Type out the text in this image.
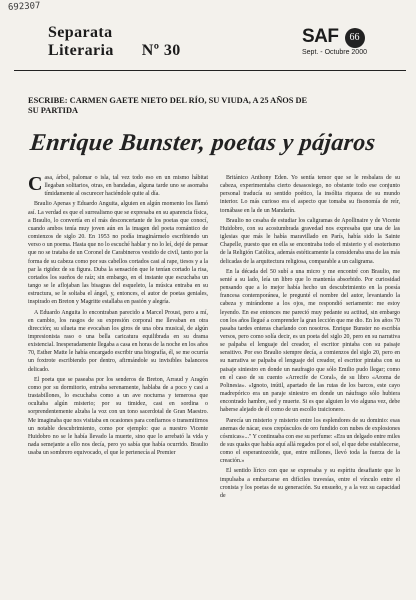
692307
Separata
Literaria Nº 30
SAF 66
Sept. - Octubre 2000
ESCRIBE: CARMEN GAETE NIETO DEL RÍO, SU VIUDA, A 25 AÑOS DE SU PARTIDA
Enrique Bunster, poetas y pájaros

Casa, árbol, palomar o isla, tal vez todo eso en un mismo hábitat llegaban solitarios, otras, en bandadas, alguna tarde uno se asomaba tímidamente al oscurecer haciéndole quite al día.

Braulio Apenas y Eduardo Anguita, alguien en algún momento los llamó así. La verdad es que el surrealismo que se expresaba en su aparencia física, a Braulio, lo convertía en el más desconcertante de los poetas que conocí, cuando ambos tenía muy joven aún en la imagen del poeta romántico de comienzos de siglo 20. En 1953 no podía imaginármelo escribiendo un verso o un poema. Hasta que no lo escuché hablar y no lo leí, dejé de pensar que no se trataba de un Coronel de Carabineros vestido de civil, tanto por la forma de su cabeza como por sus cabellos cortados casi al rape, tiesos y a la par la rigidez de su figura. Duba la sensación que le tenían cortado la risa, cortados los sueños de raíz; sin embargo, en el instante que escuchaba un tango se le aflojaban las bisagras del esqueleto, la música entraba en su estructura, se le soltaba el ángel, y, entonces, el autor de poetas geniales, inspirado en Breton y Magritte estallaba en pasión y alegría.

A Eduardo Anguita lo encontraban parecido a Marcel Proust, pero a mí, en cambio, los rasgos de su expresión corporal me llevaban en otra dirección; su silueta me evocaban los giros de una obra musical, de algún impresionista raso o una bella caricatura equilibrada en su drama existencial. Inesperadamente llegaba a casa en horas de la noche en los años 70, Esther Matte le había encargado escribir una biografía, él, se me ocurría un foxtrote escribiendo por dentro, afirmándole su invisibles balanceos delicado.

El poeta que se paseaba por los senderos de Breton, Arraud y Aragón como por su dormitorio, entraba serenamente, hablaba de a poco y casi a trastabillones, lo escuchaba como a un ave nocturna y temerosa que ocultaba algún misterio; por su timidez, casi en sordina o sorprendentemente alzaba la voz con un tono sacerdotal de Gran Maestro. Me imaginaba que nos visitaba en ocasiones para confiarnos o transmitirnos un notable descubrimiento, como por ejemplo: que a nuestro Vicente Huidobro no se le había llevado la muerte, sino que lo arrebató la vida y nada semejante a ello nos decía, pero yo sabía que había ocurrido. Braulio usaba un sombrero equivocado, el que le pertenecía al Premier

Británico Anthony Eden. Yo sentía temor que se le resbalara de su cabeza, experimentaba cierto desasosiego, no obstante todo ese conjunto personal traducía su sentido poético, la insólita riqueza de su mundo interior. Lo más curioso era el aspecto que tomaba su fisonomía de reír, tornábase en la de un Mandarín.

Braulio no cesaba de estudiar los caligramas de Apollinaire y de Vicente Huidobro, con su acostumbrada gravedad nos expresaba que una de las iglesias que más le había maravillado en París, había sido la Sainte Chapelle, puesto que en ella se encontraba todo el misterio y el esoterismo de la Religión Católica, además estéticamente la consideraba una de las más delicadas de la arquitectura religiosa, comparable a un caligrama.

En la década del 50 subí a una micro y me encontré con Braulio, me senté a su lado, leía un libro que lo mantenía absorbido. Por curiosidad pensando que a lo mejor había hecho un descubrimiento en la poesía francesa contemporánea, le pregunté el nombre del autor, levantando la cabeza y mirándome a los ojos, me respondió seriamente: me estoy leyendo. En ese entonces me pareció muy pedante su actitud, sin embargo con los años llegué a comprender la gran lección que me dio. En los años 70 pasaba tardes enteras charlando con nosotros. Enrique Bunster no escribía versos, pero como solía decir, es un poeta del siglo 20, pero en su narrativa se palpaba el lenguaje del creador, el escritor pintaba con su paisaje sensitivo. Por eso Braulio siempre decía, a comienzos del siglo 20, pero en su narrativa se palpaba el lenguaje del creador, el escritor pintaba con su paisaje siniestro en donde un naufragio que sólo Emilio pudo llegar; como en el caso de su cuento «Arrecife de Coral», de su libro «Aroma de Polinesia». «Ignoto, inútil, apartado de las rutas de los barcos, este cayo madrepórico era un paraje siniestro en donde un náufrago sólo hubiera encontrado hambre, sed y muerte. Si es que alguien lo vio alguna vez, debe haberse alejado de él como de un escollo traicionero.

Parecía un misterio y misterio entre los esplendores de su dominio: esas anemas de nácar, esos crepúsculos de oro fundido con nubes de explosiones cósmicas»..." Y continuaba con ese su perfume: «Era un delgado entre miles de sus quaks que había aquí allá regados por el sol, el que debe establecerse, como el esperantozoide, que, entre millones, llevó toda la fuerza de la creación.»

El sentido lírico con que se expresaba y su espíritu desafiante que lo impulsaba a embarcarse en difíciles travesías, entre el vínculo entre el cronista y los poetas de su generación. Su ensueño, y a la vez su capacidad de
